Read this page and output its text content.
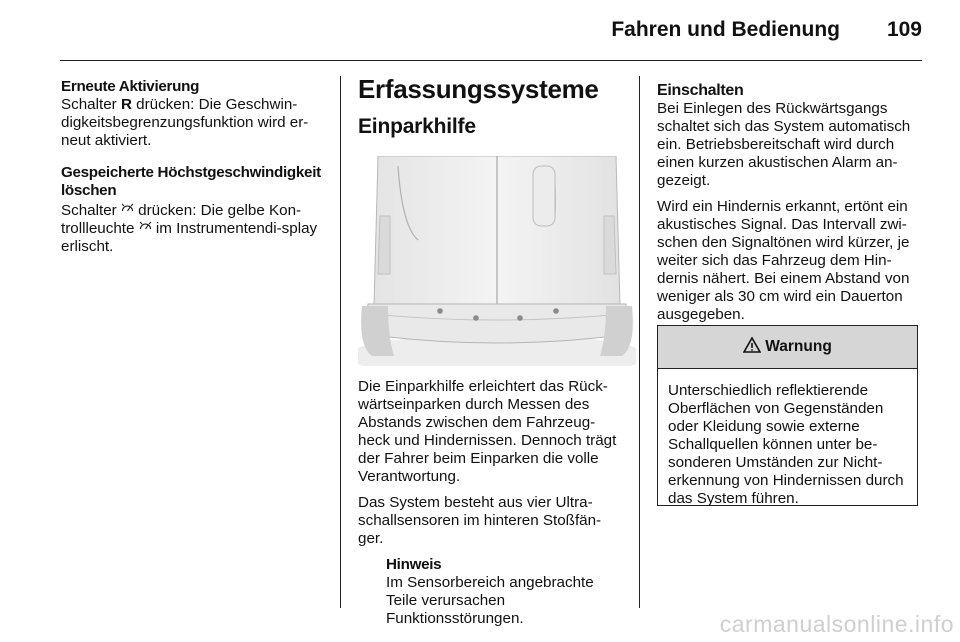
Fahren und Bedienung 109
Erneute Aktivierung

Schalter R drücken: Die Geschwin-digkeitsbegrenzungsfunktion wird er-neut aktiviert.

Gespeicherte Höchstgeschwindigkeit löschen

Schalter  drücken: Die gelbe Kon-trollleuchte  im Instrumentendi-splay erlischt.

Erfassungssysteme
Einparkhilfe

Die Einparkhilfe erleichtert das Rück-wärtseinparken durch Messen des Abstands zwischen dem Fahrzeug-heck und Hindernissen. Dennoch trägt der Fahrer beim Einparken die volle Verantwortung.

Das System besteht aus vier Ultra-schallsensoren im hinteren Stoßfän-ger.

Hinweis
Im Sensorbereich angebrachte Teile verursachen Funktionsstörungen.
Einschalten

Bei Einlegen des Rückwärtsgangs schaltet sich das System automatisch ein. Betriebsbereitschaft wird durch einen kurzen akustischen Alarm an-gezeigt.

Wird ein Hindernis erkannt, ertönt ein akustisches Signal. Das Intervall zwi-schen den Signaltönen wird kürzer, je weiter sich das Fahrzeug dem Hin-dernis nähert. Bei einem Abstand von weniger als 30 cm wird ein Dauerton ausgegeben.

Warnung
Unterschiedlich reflektierende Oberflächen von Gegenständen oder Kleidung sowie externe Schallquellen können unter be-sonderen Umständen zur Nicht-erkennung von Hindernissen durch das System führen.
carmanualsonline.info
